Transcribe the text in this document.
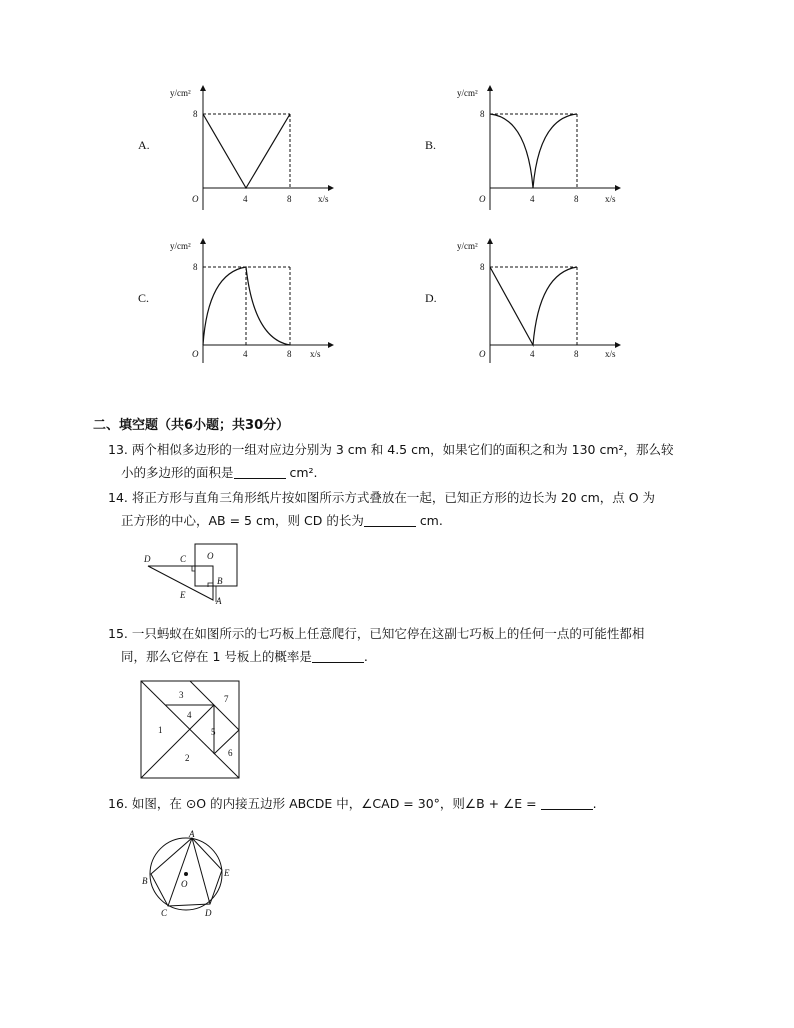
A.
y/cm²
8
O	4	8	x/s
B.
y/cm²
8
O	4	8	x/s
C.
y/cm²
8
O	4	8 x/s
D.
y/cm²
8
O	4	8	x/s
二、填空题（共6小题；共30分）
13. 两个相似多边形的一组对应边分别为 3 cm 和 4.5 cm，如果它们的面积之和为 130 cm²，那么较
小的多边形的面积是	cm².
14. 将正方形与直角三角形纸片按如图所示方式叠放在一起，已知正方形的边长为 20 cm，点 O 为
正方形的中心，AB = 5 cm，则 CD 的长为	cm.
D	C O
B
E
A
15. 一只蚂蚁在如图所示的七巧板上任意爬行，已知它停在这副七巧板上的任何一点的可能性都相
同，那么它停在 1 号板上的概率是	.
3	7
4
1	5
2	6
16. 如图，在 ⊙O 的内接五边形 ABCDE 中，∠CAD = 30°，则∠B + ∠E =	.
A
E
B	O
C	D
